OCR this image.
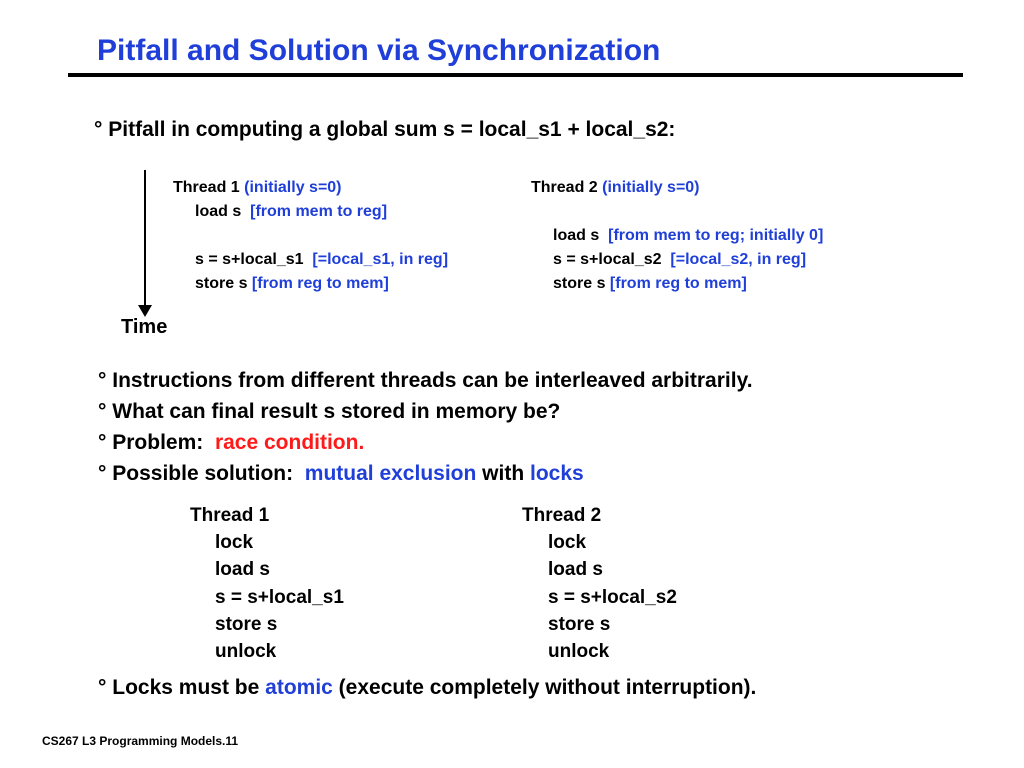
Pitfall and Solution via Synchronization
° Pitfall in computing a global sum s = local_s1 + local_s2:
Thread 1 (initially s=0)
load s [from mem to reg]
s = s+local_s1 [=local_s1, in reg]
store s [from reg to mem]
Thread 2 (initially s=0)
load s [from mem to reg; initially 0]
s = s+local_s2 [=local_s2, in reg]
store s [from reg to mem]
Time
° Instructions from different threads can be interleaved arbitrarily.
° What can final result s stored in memory be?
° Problem: race condition.
° Possible solution: mutual exclusion with locks
Thread 1
lock
load s
s = s+local_s1
store s
unlock
Thread 2
lock
load s
s = s+local_s2
store s
unlock
° Locks must be atomic (execute completely without interruption).
CS267 L3 Programming Models.11
